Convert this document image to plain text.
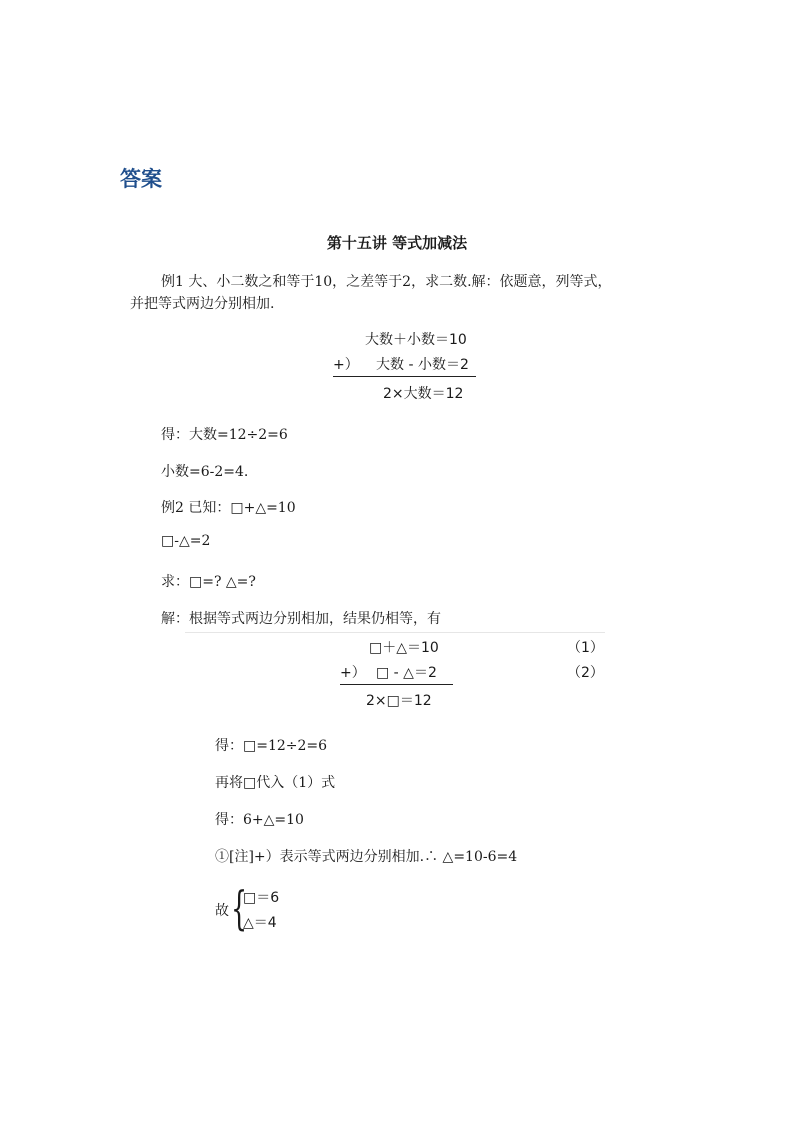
答案
第十五讲 等式加减法
例1 大、小二数之和等于10，之差等于2，求二数.解：依题意，列等式，
并把等式两边分别相加.
大数＋小数＝10
+） 大数 - 小数＝2
2×大数＝12
得：大数=12÷2=6
小数=6-2=4.
例2 已知：□+△=10
□-△=2
求：□=? △=?
解：根据等式两边分别相加，结果仍相等，有
□＋△＝10	（1）
+） □ - △＝2	（2）
2×□＝12
得：□=12÷2=6
再将□代入（1）式
得：6+△=10
①[注]+）表示等式两边分别相加.∴ △=10-6=4
故 {
□＝6
△＝4
